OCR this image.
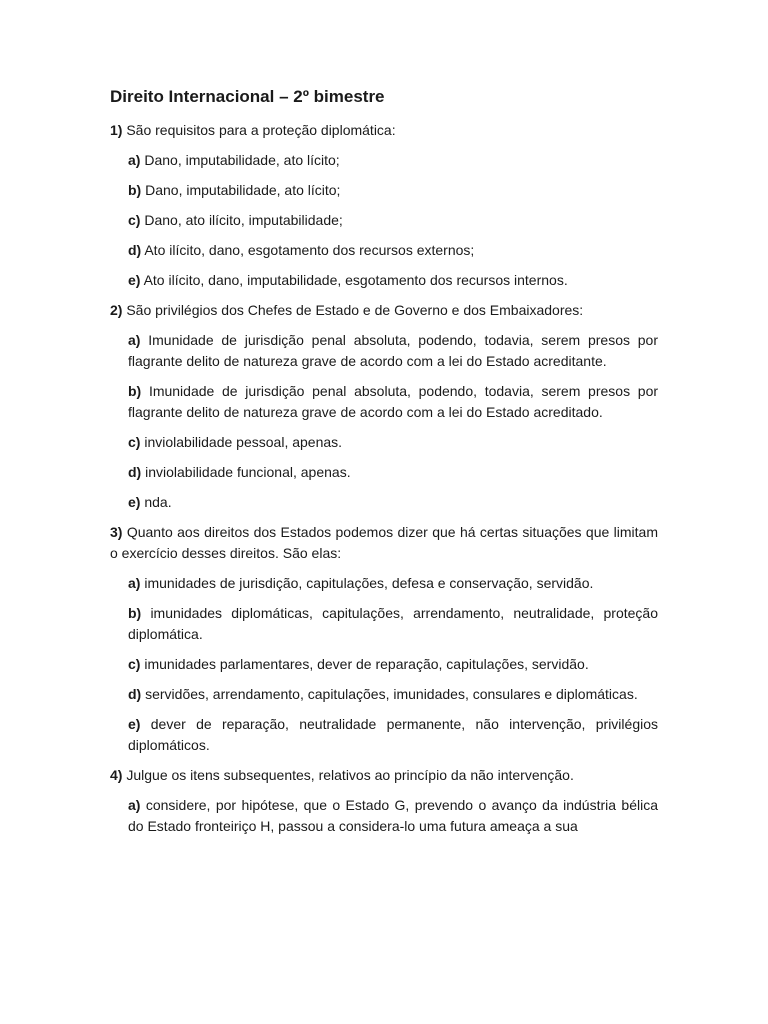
Direito Internacional – 2º bimestre
1) São requisitos para a proteção diplomática:
a) Dano, imputabilidade, ato lícito;
b) Dano, imputabilidade, ato lícito;
c) Dano, ato ilícito, imputabilidade;
d) Ato ilícito, dano, esgotamento dos recursos externos;
e) Ato ilícito, dano, imputabilidade, esgotamento dos recursos internos.
2) São privilégios dos Chefes de Estado e de Governo e dos Embaixadores:
a) Imunidade de jurisdição penal absoluta, podendo, todavia, serem presos por flagrante delito de natureza grave de acordo com a lei do Estado acreditante.
b) Imunidade de jurisdição penal absoluta, podendo, todavia, serem presos por flagrante delito de natureza grave de acordo com a lei do Estado acreditado.
c) inviolabilidade pessoal, apenas.
d) inviolabilidade funcional, apenas.
e) nda.
3) Quanto aos direitos dos Estados podemos dizer que há certas situações que limitam o exercício desses direitos. São elas:
a) imunidades de jurisdição, capitulações, defesa e conservação, servidão.
b) imunidades diplomáticas, capitulações, arrendamento, neutralidade, proteção diplomática.
c) imunidades parlamentares, dever de reparação, capitulações, servidão.
d) servidões, arrendamento, capitulações, imunidades, consulares e diplomáticas.
e) dever de reparação, neutralidade permanente, não intervenção, privilégios diplomáticos.
4) Julgue os itens subsequentes, relativos ao princípio da não intervenção.
a) considere, por hipótese, que o Estado G, prevendo o avanço da indústria bélica do Estado fronteiriço H, passou a considera-lo uma futura ameaça a sua
